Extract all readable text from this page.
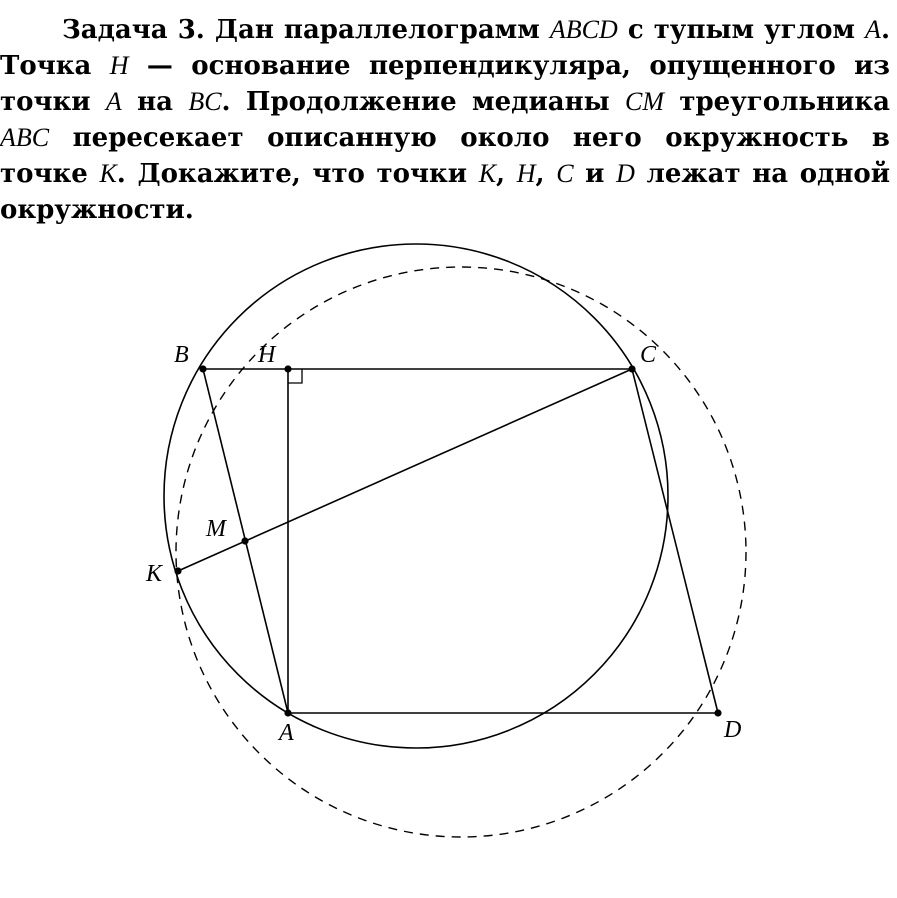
Задача 3. Дан параллелограмм ABCD с тупым углом A. Точка H — основание перпендикуляра, опущенного из точки A на BC. Продолжение медианы CM треугольника ABC пересекает описанную около него окружность в точке K. Докажите, что точки K, H, C и D лежат на одной окружности.
B	H	C
M
K
A	D
